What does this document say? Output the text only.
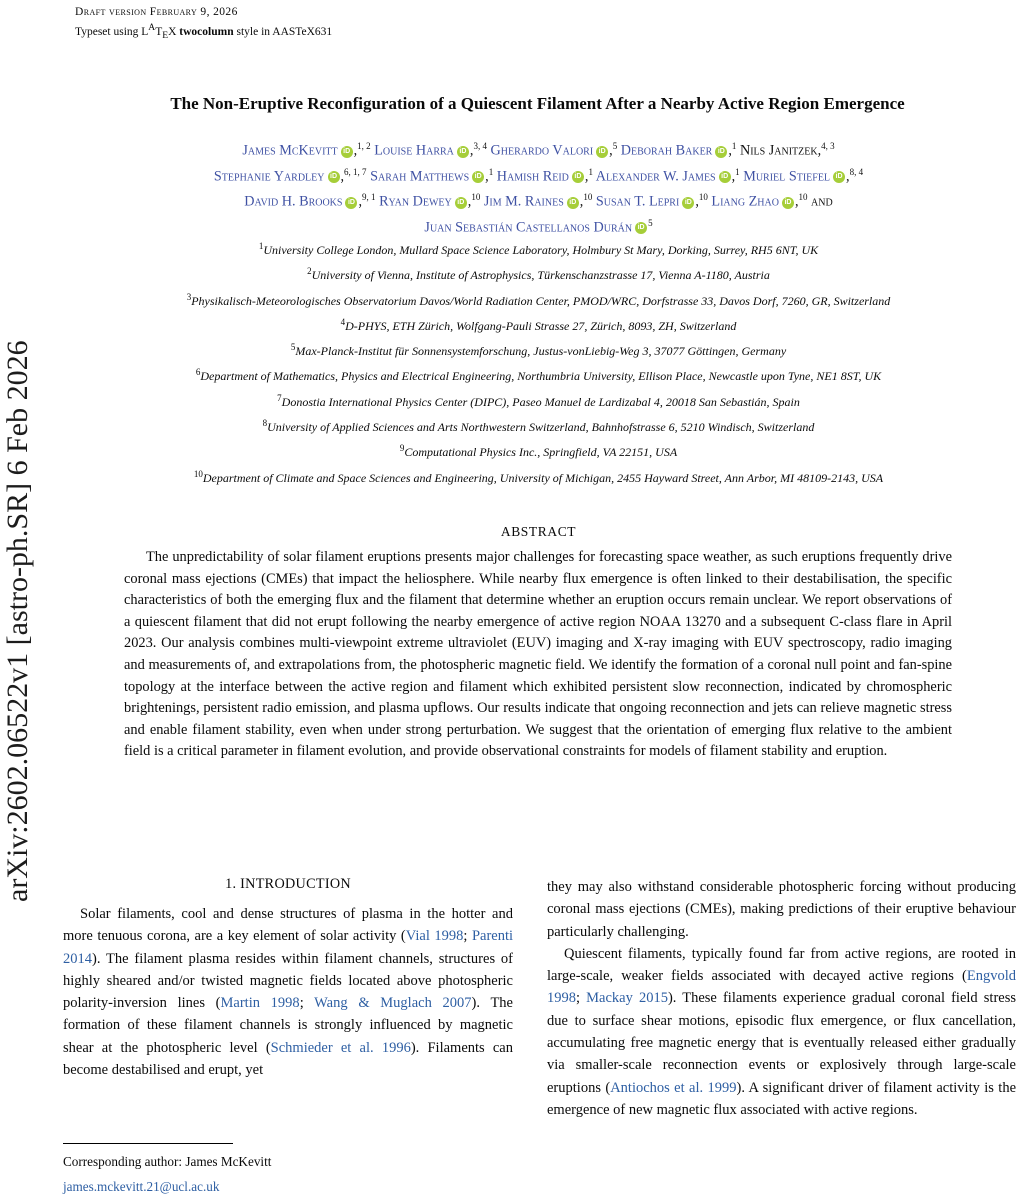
arXiv:2602.06522v1 [astro-ph.SR] 6 Feb 2026
Draft version February 9, 2026
Typeset using $L^AT_EX$ twocolumn style in AASTeX631
The Non-Eruptive Reconfiguration of a Quiescent Filament After a Nearby Active Region Emergence
James McKevitt iD ,$^{1, 2}$ Louise Harra iD ,$^{3, 4}$ Gherardo Valori iD ,$^5$ Deborah Baker iD ,$^1$ Nils Janitzek,$^{4, 3}$
Stephanie Yardley iD ,$^{6, 1, 7}$ Sarah Matthews iD ,$^1$ Hamish Reid iD ,$^1$ Alexander W. James iD ,$^1$ Muriel Stiefel iD ,$^{8, 4}$
David H. Brooks iD ,$^{9, 1}$ Ryan Dewey iD ,$^{10}$ Jim M. Raines iD ,$^{10}$ Susan T. Lepri iD ,$^{10}$ Liang Zhao iD ,$^{10}$ and
Juan Sebastián Castellanos Durán $iD^5$
$^1$University College London, Mullard Space Science Laboratory, Holmbury St Mary, Dorking, Surrey, RH5 6NT, UK
$^2$University of Vienna, Institute of Astrophysics, Türkenschanzstrasse 17, Vienna A-1180, Austria
$^3$Physikalisch-Meteorologisches Observatorium Davos/World Radiation Center, PMOD/WRC, Dorfstrasse 33, Davos Dorf, 7260, GR, Switzerland
$^4$D-PHYS, ETH Zürich, Wolfgang-Pauli Strasse 27, Zürich, 8093, ZH, Switzerland
$^5$Max-Planck-Institut für Sonnensystemforschung, Justus-vonLiebig-Weg 3, 37077 Göttingen, Germany
$^6$Department of Mathematics, Physics and Electrical Engineering, Northumbria University, Ellison Place, Newcastle upon Tyne, NE1 8ST, UK
$^7$Donostia International Physics Center (DIPC), Paseo Manuel de Lardizabal 4, 20018 San Sebastián, Spain
$^8$University of Applied Sciences and Arts Northwestern Switzerland, Bahnhofstrasse 6, 5210 Windisch, Switzerland
$^9$Computational Physics Inc., Springfield, VA 22151, USA
$^{10}$Department of Climate and Space Sciences and Engineering, University of Michigan, 2455 Hayward Street, Ann Arbor, MI 48109-2143, USA
ABSTRACT

The unpredictability of solar filament eruptions presents major challenges for forecasting space weather, as such eruptions frequently drive coronal mass ejections (CMEs) that impact the heliosphere. While nearby flux emergence is often linked to their destabilisation, the specific characteristics of both the emerging flux and the filament that determine whether an eruption occurs remain unclear. We report observations of a quiescent filament that did not erupt following the nearby emergence of active region NOAA 13270 and a subsequent C-class flare in April 2023. Our analysis combines multi-viewpoint extreme ultraviolet (EUV) imaging and X-ray imaging with EUV spectroscopy, radio imaging and measurements of, and extrapolations from, the photospheric magnetic field. We identify the formation of a coronal null point and fan-spine topology at the interface between the active region and filament which exhibited persistent slow reconnection, indicated by chromospheric brightenings, persistent radio emission, and plasma upflows. Our results indicate that ongoing reconnection and jets can relieve magnetic stress and enable filament stability, even when under strong perturbation. We suggest that the orientation of emerging flux relative to the ambient field is a critical parameter in filament evolution, and provide observational constraints for models of filament stability and eruption.

1. INTRODUCTION

Solar filaments, cool and dense structures of plasma in the hotter and more tenuous corona, are a key element of solar activity (Vial 1998; Parenti 2014). The filament plasma resides within filament channels, structures of highly sheared and/or twisted magnetic fields located above photospheric polarity-inversion lines (Martin 1998; Wang & Muglach 2007). The formation of these filament channels is strongly influenced by magnetic shear at the photospheric level (Schmieder et al. 1996). Filaments can become destabilised and erupt, yet

they may also withstand considerable photospheric forcing without producing coronal mass ejections (CMEs), making predictions of their eruptive behaviour particularly challenging.

Quiescent filaments, typically found far from active regions, are rooted in large-scale, weaker fields associated with decayed active regions (Engvold 1998; Mackay 2015). These filaments experience gradual coronal field stress due to surface shear motions, episodic flux emergence, or flux cancellation, accumulating free magnetic energy that is eventually released either gradually via smaller-scale reconnection events or explosively through large-scale eruptions (Antiochos et al. 1999). A significant driver of filament activity is the emergence of new magnetic flux associated with active regions.

Corresponding author: James McKevitt
james.mckevitt.21@ucl.ac.uk
